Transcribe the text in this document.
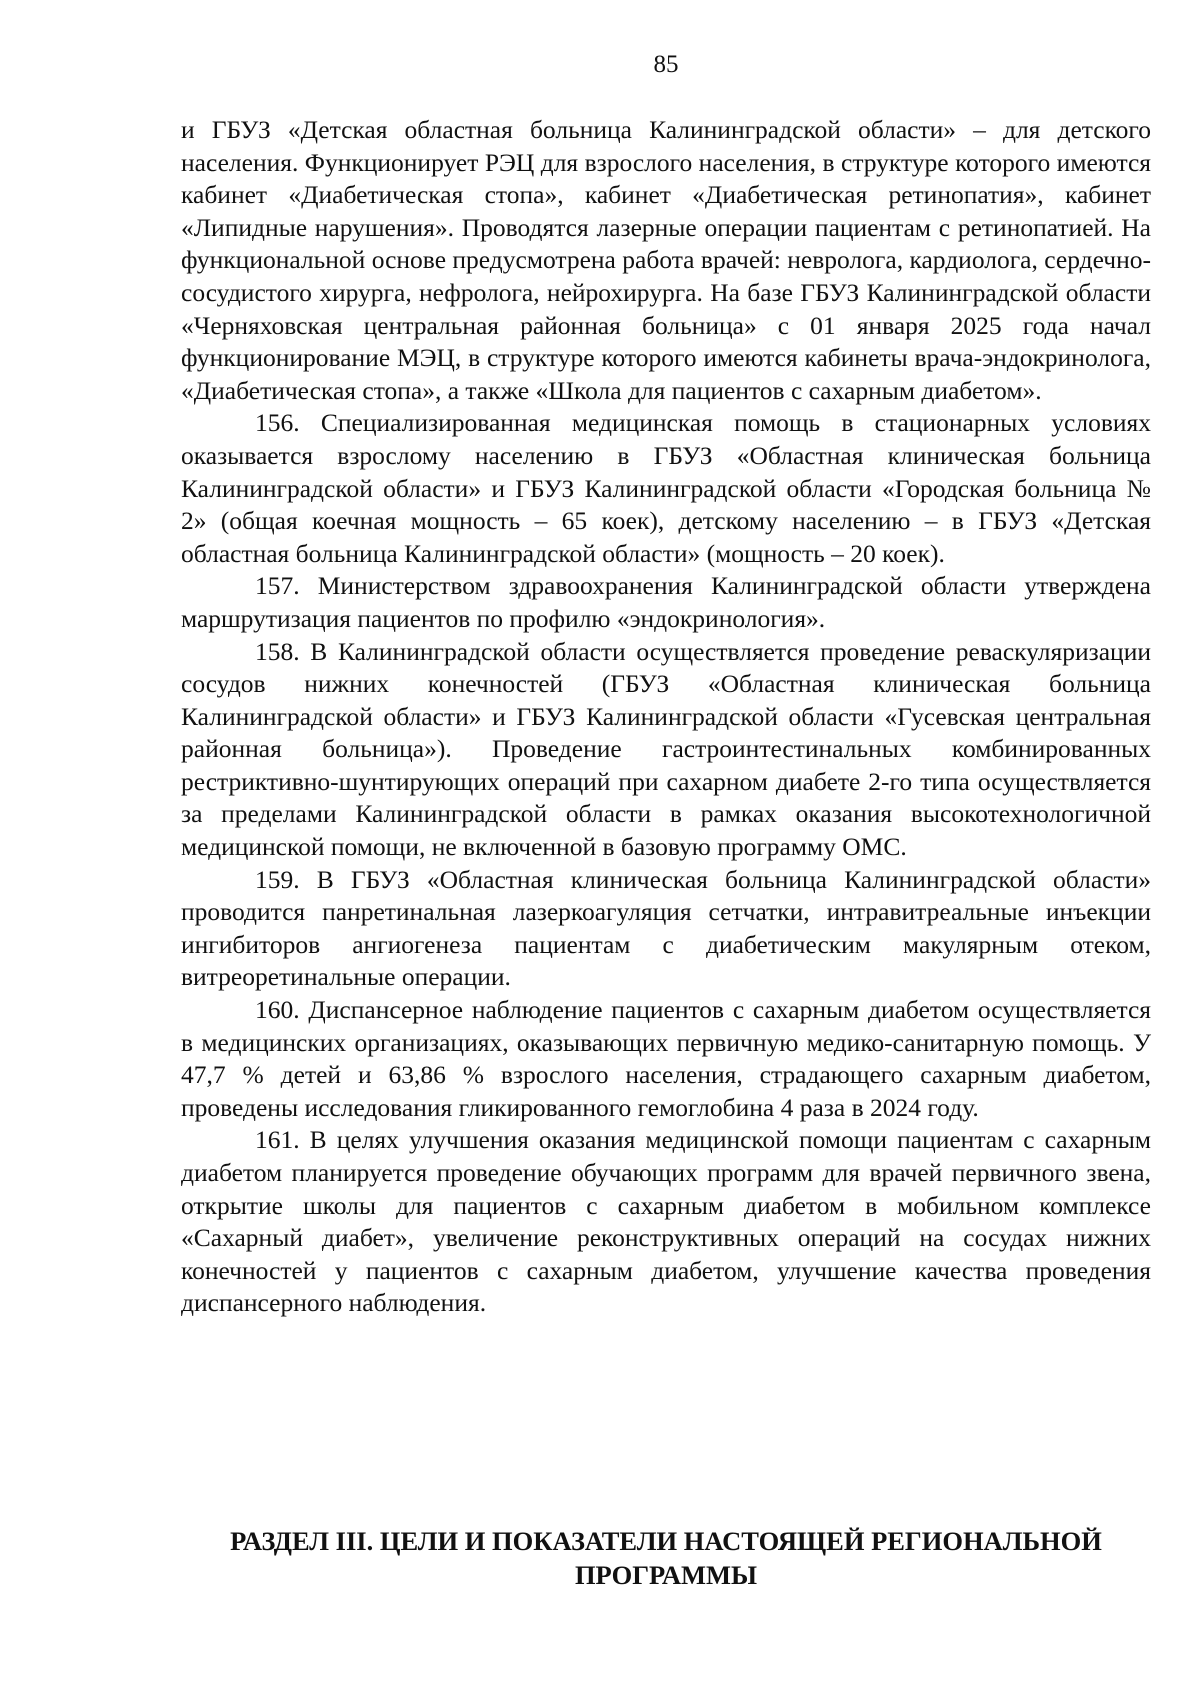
85

и ГБУЗ «Детская областная больница Калининградской области» – для детского населения. Функционирует РЭЦ для взрослого населения, в структуре которого имеются кабинет «Диабетическая стопа», кабинет «Диабетическая ретинопатия», кабинет «Липидные нарушения». Проводятся лазерные операции пациентам с ретинопатией. На функциональной основе предусмотрена работа врачей: невролога, кардиолога, сердечно-сосудистого хирурга, нефролога, нейрохирурга. На базе ГБУЗ Калининградской области «Черняховская центральная районная больница» с 01 января 2025 года начал функционирование МЭЦ, в структуре которого имеются кабинеты врача-эндокринолога, «Диабетическая стопа», а также «Школа для пациентов с сахарным диабетом».

156. Специализированная медицинская помощь в стационарных условиях оказывается взрослому населению в ГБУЗ «Областная клиническая больница Калининградской области» и ГБУЗ Калининградской области «Городская больница № 2» (общая коечная мощность – 65 коек), детскому населению – в ГБУЗ «Детская областная больница Калининградской области» (мощность – 20 коек).

157. Министерством здравоохранения Калининградской области утверждена маршрутизация пациентов по профилю «эндокринология».

158. В Калининградской области осуществляется проведение реваскуляризации сосудов нижних конечностей (ГБУЗ «Областная клиническая больница Калининградской области» и ГБУЗ Калининградской области «Гусевская центральная районная больница»). Проведение гастроинтестинальных комбинированных рестриктивно-шунтирующих операций при сахарном диабете 2-го типа осуществляется за пределами Калининградской области в рамках оказания высокотехнологичной медицинской помощи, не включенной в базовую программу ОМС.

159. В ГБУЗ «Областная клиническая больница Калининградской области» проводится панретинальная лазеркоагуляция сетчатки, интравитреальные инъекции ингибиторов ангиогенеза пациентам с диабетическим макулярным отеком, витреоретинальные операции.

160. Диспансерное наблюдение пациентов с сахарным диабетом осуществляется в медицинских организациях, оказывающих первичную медико-санитарную помощь. У 47,7 % детей и 63,86 % взрослого населения, страдающего сахарным диабетом, проведены исследования гликированного гемоглобина 4 раза в 2024 году.

161. В целях улучшения оказания медицинской помощи пациентам с сахарным диабетом планируется проведение обучающих программ для врачей первичного звена, открытие школы для пациентов с сахарным диабетом в мобильном комплексе «Сахарный диабет», увеличение реконструктивных операций на сосудах нижних конечностей у пациентов с сахарным диабетом, улучшение качества проведения диспансерного наблюдения.

РАЗДЕЛ III. ЦЕЛИ И ПОКАЗАТЕЛИ НАСТОЯЩЕЙ РЕГИОНАЛЬНОЙ ПРОГРАММЫ
